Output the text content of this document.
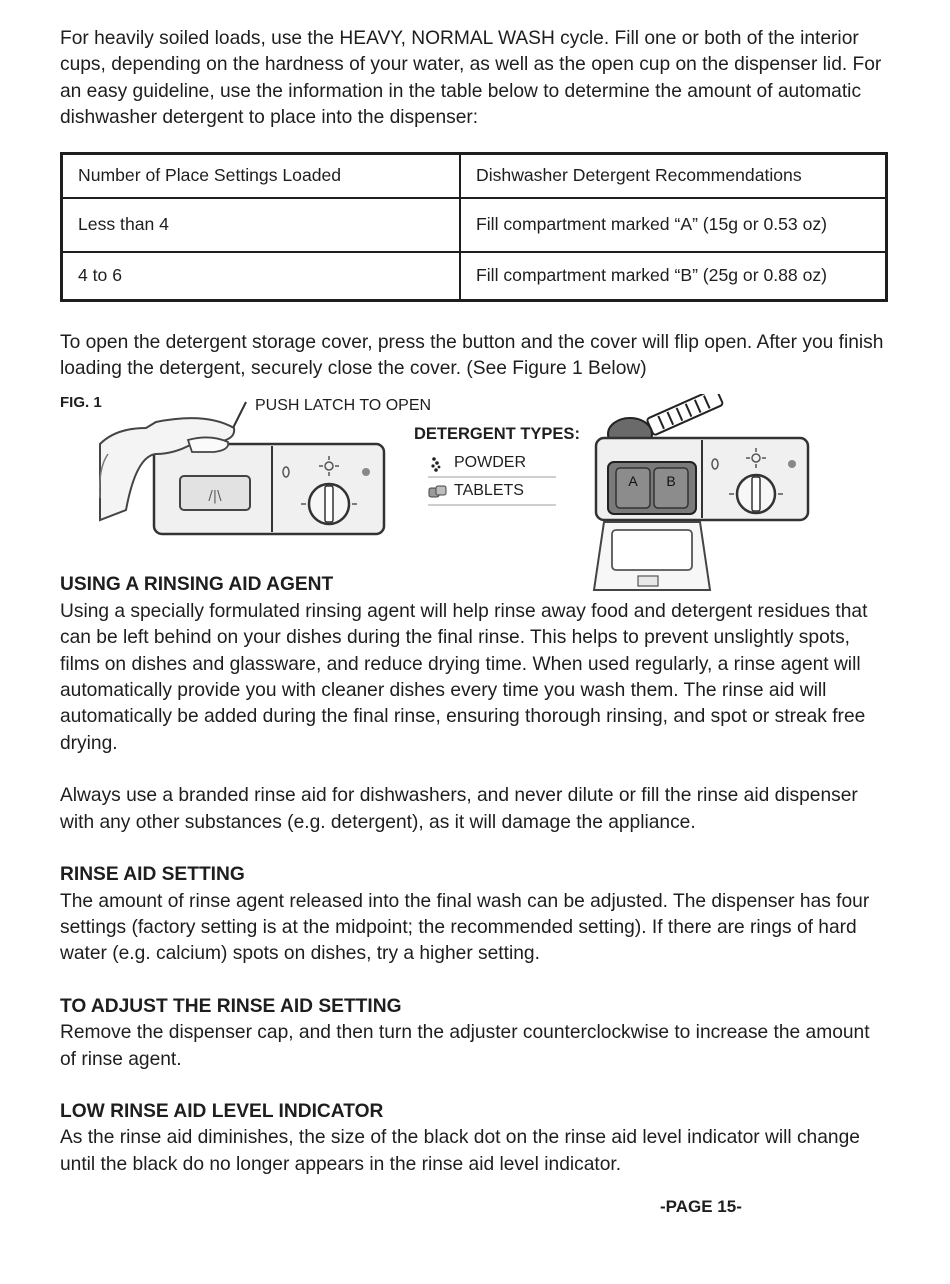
For heavily soiled loads, use the HEAVY, NORMAL WASH cycle. Fill one or both of the interior cups, depending on the hardness of your water, as well as the open cup on the dispenser lid. For an easy guideline, use the information in the table below to determine the amount of automatic dishwasher detergent to place into the dispenser:

Number of Place Settings Loaded	Dishwasher Detergent Recommendations
Less than 4	Fill compartment marked “A” (15g or 0.53 oz)
4 to 6	Fill compartment marked “B” (25g or 0.88 oz)

To open the detergent storage cover, press the button and the cover will flip open. After you finish loading the detergent, securely close the cover. (See Figure 1 Below)

FIG. 1
/|\
PUSH LATCH TO OPEN
DETERGENT TYPES:
POWDER
TABLETS
A B
USING A RINSING AID AGENT

Using a specially formulated rinsing agent will help rinse away food and detergent residues that can be left behind on your dishes during the final rinse. This helps to prevent unslightly spots, films on dishes and glassware, and reduce drying time. When used regularly, a rinse agent will automatically provide you with cleaner dishes every time you wash them. The rinse aid will automatically be added during the final rinse, ensuring thorough rinsing, and spot or streak free drying.

Always use a branded rinse aid for dishwashers, and never dilute or fill the rinse aid dispenser with any other substances (e.g. detergent), as it will damage the appliance.

RINSE AID SETTING

The amount of rinse agent released into the final wash can be adjusted. The dispenser has four settings (factory setting is at the midpoint; the recommended setting). If there are rings of hard water (e.g. calcium) spots on dishes, try a higher setting.

TO ADJUST THE RINSE AID SETTING

Remove the dispenser cap, and then turn the adjuster counterclockwise to increase the amount of rinse agent.

LOW RINSE AID LEVEL INDICATOR

As the rinse aid diminishes, the size of the black dot on the rinse aid level indicator will change until the black do no longer appears in the rinse aid level indicator.

-PAGE 15-
